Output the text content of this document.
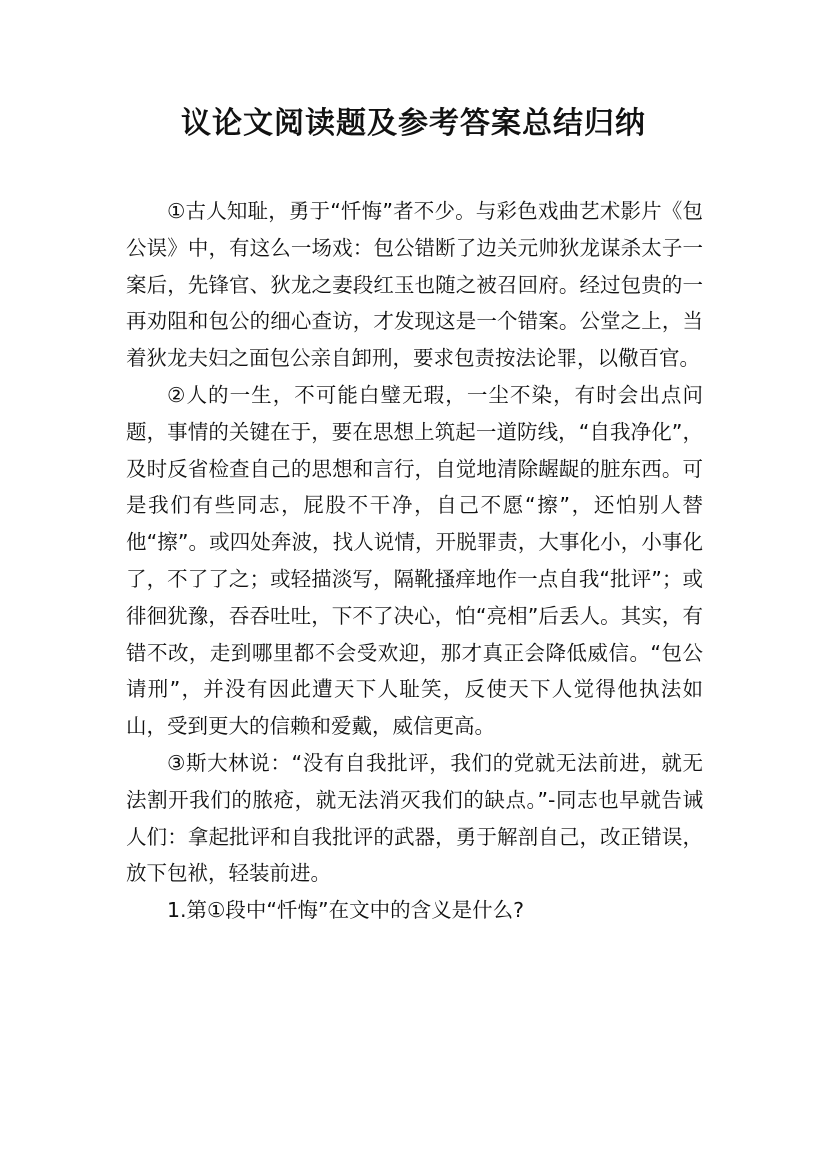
议论文阅读题及参考答案总结归纳

①古人知耻，勇于“忏悔”者不少。与彩色戏曲艺术影片《包公误》中，有这么一场戏：包公错断了边关元帅狄龙谋杀太子一案后，先锋官、狄龙之妻段红玉也随之被召回府。经过包贵的一再劝阻和包公的细心查访，才发现这是一个错案。公堂之上，当着狄龙夫妇之面包公亲自卸刑，要求包责按法论罪，以儆百官。

②人的一生，不可能白璧无瑕，一尘不染，有时会出点问题，事情的关键在于，要在思想上筑起一道防线，“自我净化”，及时反省检查自己的思想和言行，自觉地清除龌龊的脏东西。可是我们有些同志，屁股不干净，自己不愿“擦”，还怕别人替他“擦”。或四处奔波，找人说情，开脱罪责，大事化小，小事化了，不了了之；或轻描淡写，隔靴搔痒地作一点自我“批评”；或徘徊犹豫，吞吞吐吐，下不了决心，怕“亮相”后丢人。其实，有错不改，走到哪里都不会受欢迎，那才真正会降低威信。“包公请刑”，并没有因此遭天下人耻笑，反使天下人觉得他执法如山，受到更大的信赖和爱戴，威信更高。

③斯大林说：“没有自我批评，我们的党就无法前进，就无法割开我们的脓疮，就无法消灭我们的缺点。”-同志也早就告诫人们：拿起批评和自我批评的武器，勇于解剖自己，改正错误，放下包袱，轻装前进。

1.第①段中“忏悔”在文中的含义是什么?
